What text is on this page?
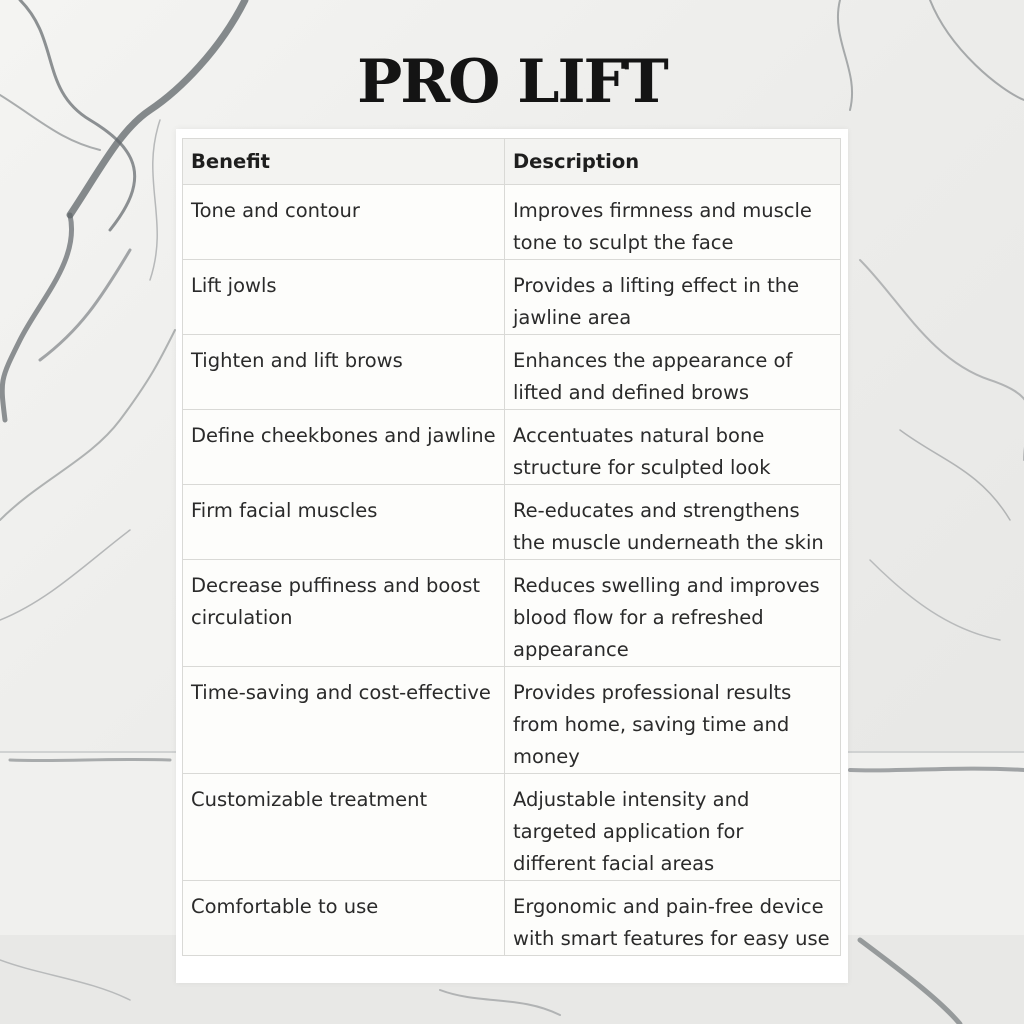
PRO LIFT
Benefit	Description
Tone and contour	Improves firmness and muscle tone to sculpt the face
Lift jowls	Provides a lifting effect in the jawline area
Tighten and lift brows	Enhances the appearance of lifted and defined brows
Define cheekbones and jawline	Accentuates natural bone structure for sculpted look
Firm facial muscles	Re-educates and strengthens the muscle underneath the skin
Decrease puffiness and boost circulation	Reduces swelling and improves blood flow for a refreshed appearance
Time-saving and cost-effective	Provides professional results from home, saving time and money
Customizable treatment	Adjustable intensity and targeted application for different facial areas
Comfortable to use	Ergonomic and pain-free device with smart features for easy use
